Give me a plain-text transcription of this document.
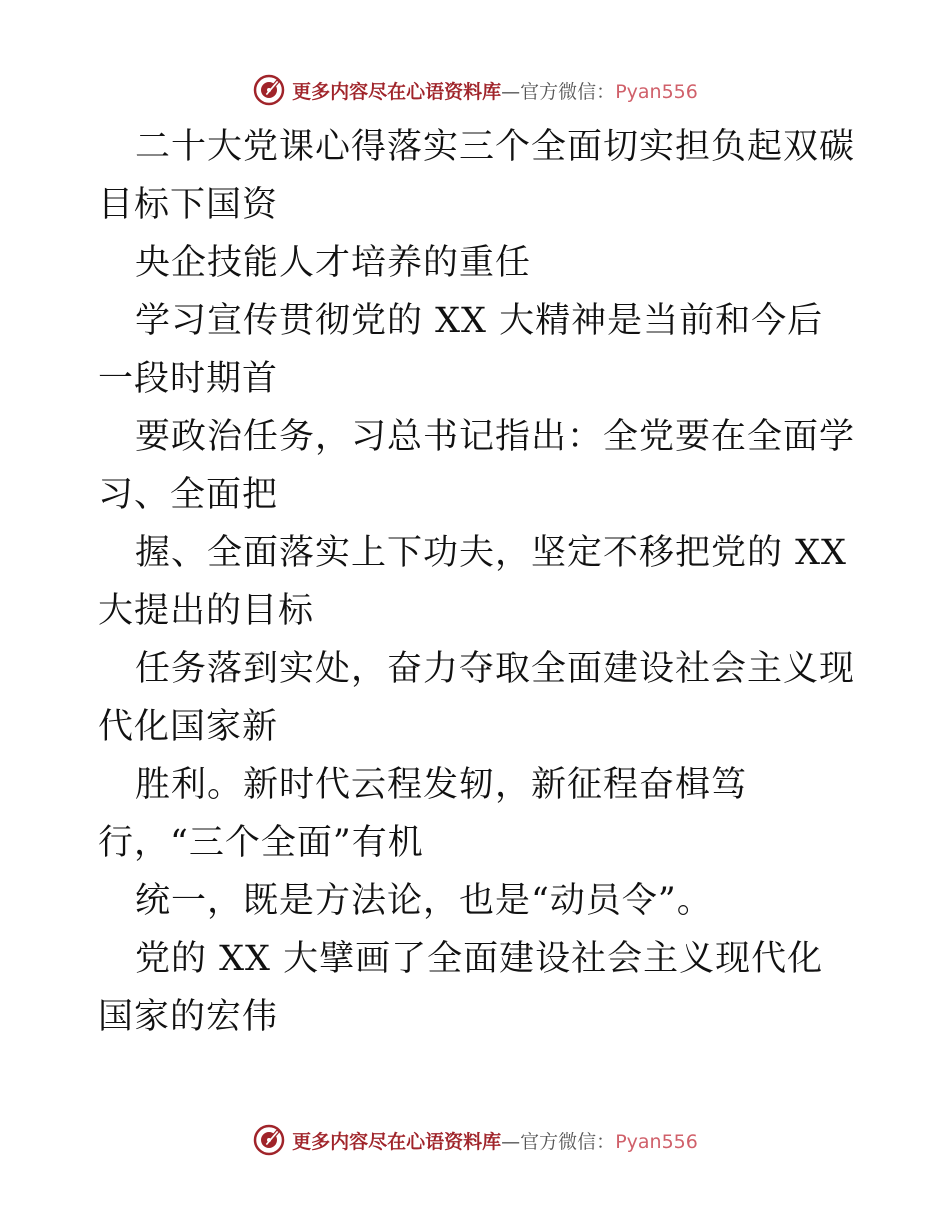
更多内容尽在心语资料库—官方微信：Pyan556

二十大党课心得落实三个全面切实担负起双碳目标下国资

央企技能人才培养的重任

学习宣传贯彻党的 XX 大精神是当前和今后一段时期首

要政治任务，习总书记指出：全党要在全面学习、全面把

握、全面落实上下功夫，坚定不移把党的 XX 大提出的目标

任务落到实处，奋力夺取全面建设社会主义现代化国家新

胜利。新时代云程发轫，新征程奋楫笃行，“三个全面”有机

统一，既是方法论，也是“动员令”。

党的 XX 大擘画了全面建设社会主义现代化国家的宏伟

更多内容尽在心语资料库—官方微信：Pyan556
